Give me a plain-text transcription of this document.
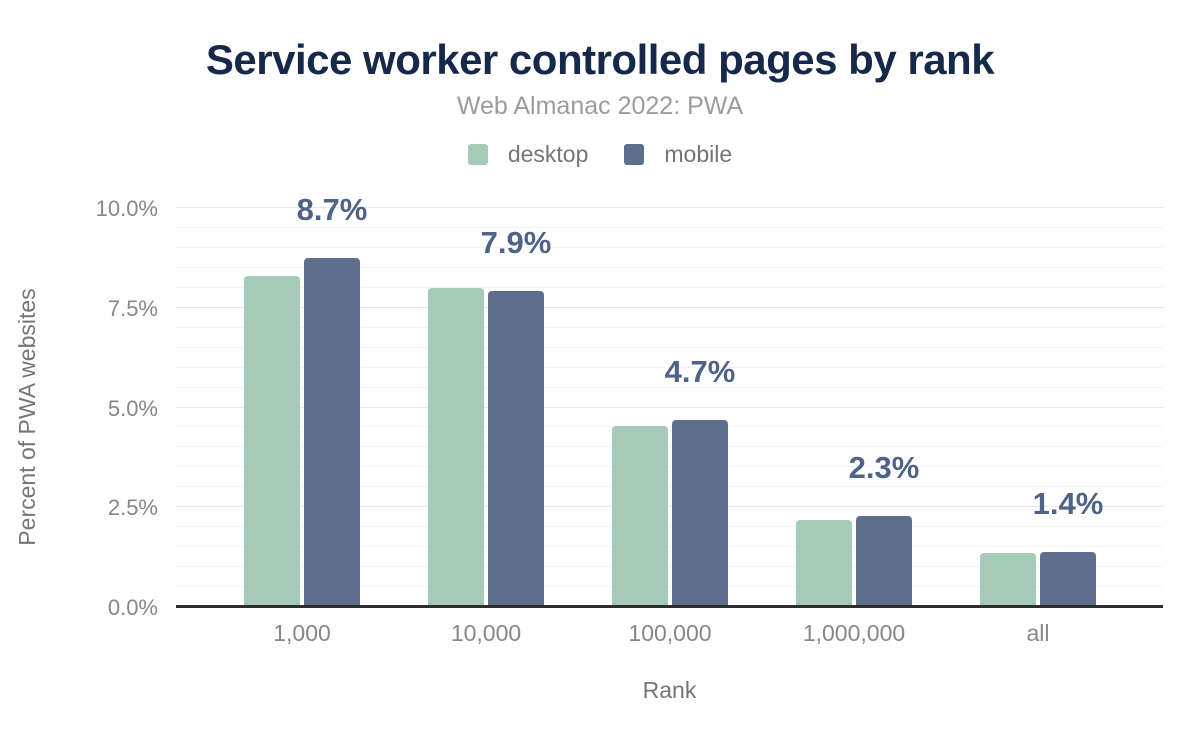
Service worker controlled pages by rank
Web Almanac 2022: PWA
desktop	mobile
Percent of PWA websites
8.7%
7.9%
4.7%
2.3%
1.4%
Rank
10.0%
7.5%
5.0%
2.5%
0.0%
1,000	10,000	100,000	1,000,000	all
